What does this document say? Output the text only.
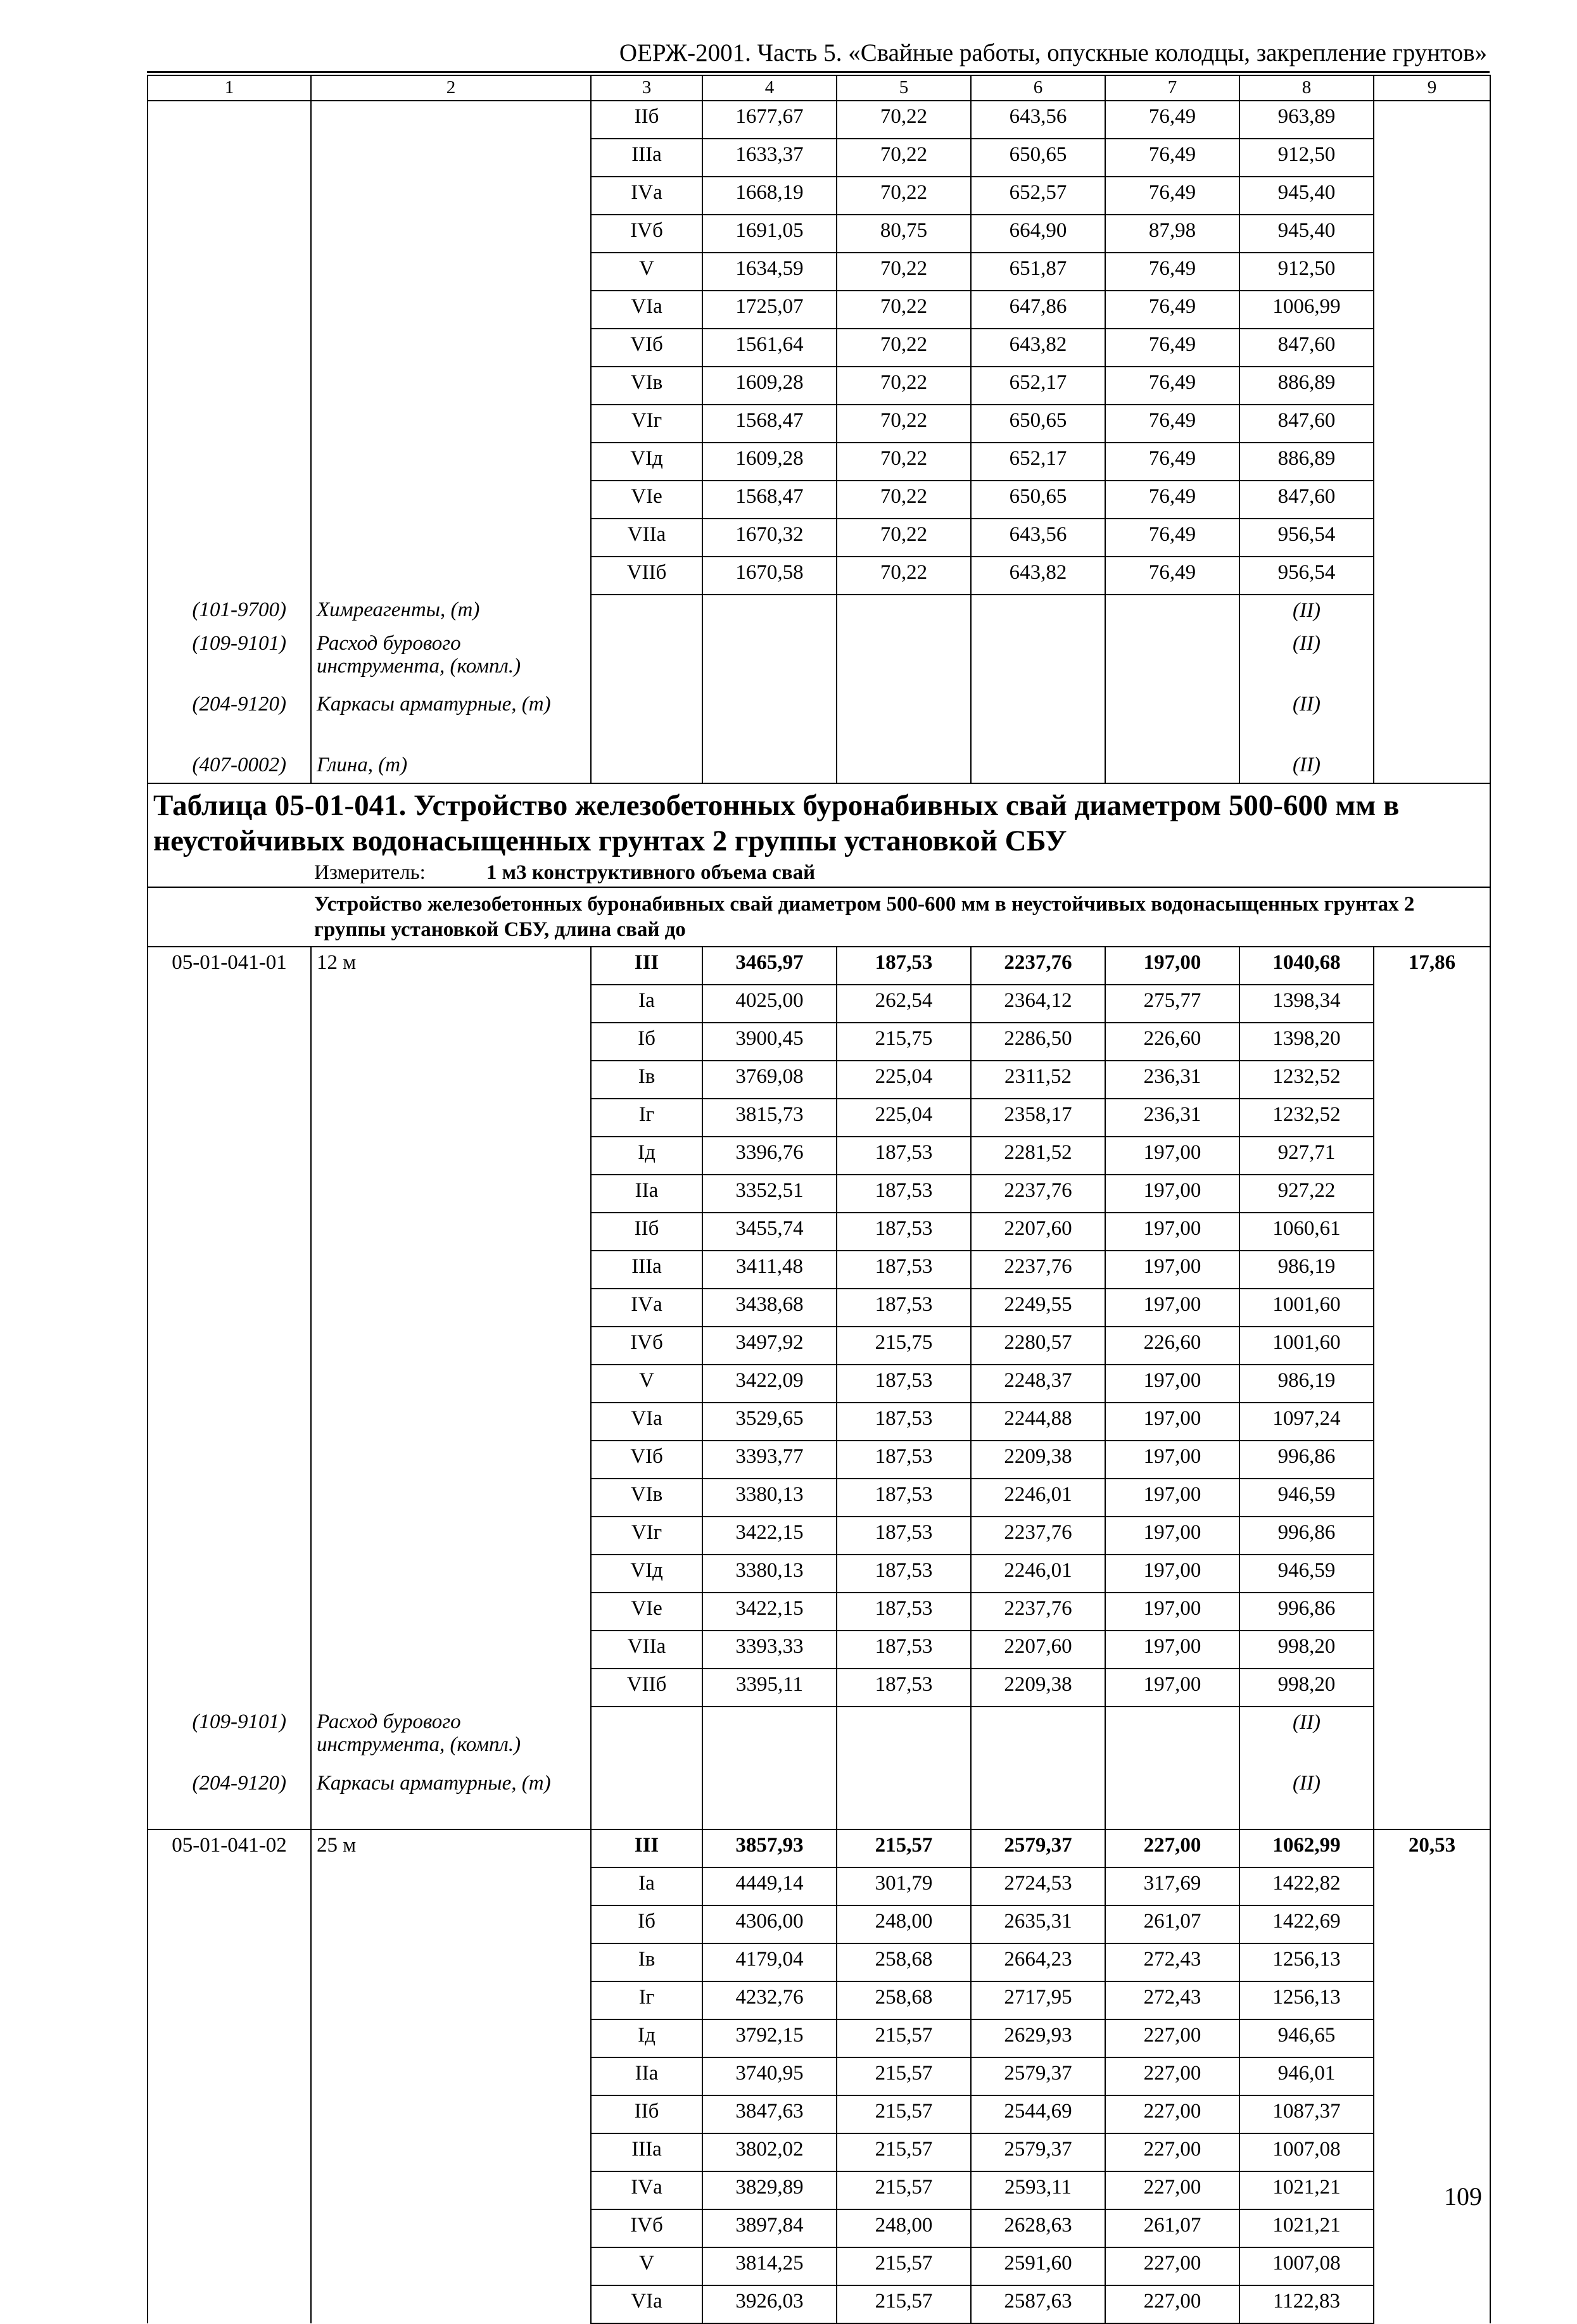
ОЕРЖ-2001. Часть 5. «Свайные работы, опускные колодцы, закрепление грунтов»
1	2	3	4	5	6	7	8	9
		IIб	1677,67	70,22	643,56	76,49	963,89	
		IIIа	1633,37	70,22	650,65	76,49	912,50	
		IVа	1668,19	70,22	652,57	76,49	945,40	
		IVб	1691,05	80,75	664,90	87,98	945,40	
		V	1634,59	70,22	651,87	76,49	912,50	
		VIа	1725,07	70,22	647,86	76,49	1006,99	
		VIб	1561,64	70,22	643,82	76,49	847,60	
		VIв	1609,28	70,22	652,17	76,49	886,89	
		VIг	1568,47	70,22	650,65	76,49	847,60	
		VIд	1609,28	70,22	652,17	76,49	886,89	
		VIе	1568,47	70,22	650,65	76,49	847,60	
		VIIа	1670,32	70,22	643,56	76,49	956,54	
		VIIб	1670,58	70,22	643,82	76,49	956,54	
(101-9700)	Химреагенты, (т)						(II)	
(109-9101)	Расход бурового инструмента, (компл.)						(II)	
(204-9120)	Каркасы арматурные, (т)						(II)	
(407-0002)	Глина, (т)						(II)	
Таблица 05-01-041. Устройство железобетонных буронабивных свай диаметром 500-600 мм в неустойчивых водонасыщенных грунтах 2 группы установкой СБУ								
Измеритель: 1 м3 конструктивного объема свай								
Устройство железобетонных буронабивных свай диаметром 500-600 мм в неустойчивых водонасыщенных грунтах 2 группы установкой СБУ, длина свай до								
05-01-041-01	12 м	III	3465,97	187,53	2237,76	197,00	1040,68	17,86
		Iа	4025,00	262,54	2364,12	275,77	1398,34	
		Iб	3900,45	215,75	2286,50	226,60	1398,20	
		Iв	3769,08	225,04	2311,52	236,31	1232,52	
		Iг	3815,73	225,04	2358,17	236,31	1232,52	
		Iд	3396,76	187,53	2281,52	197,00	927,71	
		IIа	3352,51	187,53	2237,76	197,00	927,22	
		IIб	3455,74	187,53	2207,60	197,00	1060,61	
		IIIа	3411,48	187,53	2237,76	197,00	986,19	
		IVа	3438,68	187,53	2249,55	197,00	1001,60	
		IVб	3497,92	215,75	2280,57	226,60	1001,60	
		V	3422,09	187,53	2248,37	197,00	986,19	
		VIа	3529,65	187,53	2244,88	197,00	1097,24	
		VIб	3393,77	187,53	2209,38	197,00	996,86	
		VIв	3380,13	187,53	2246,01	197,00	946,59	
		VIг	3422,15	187,53	2237,76	197,00	996,86	
		VIд	3380,13	187,53	2246,01	197,00	946,59	
		VIе	3422,15	187,53	2237,76	197,00	996,86	
		VIIа	3393,33	187,53	2207,60	197,00	998,20	
		VIIб	3395,11	187,53	2209,38	197,00	998,20	
(109-9101)	Расход бурового инструмента, (компл.)						(II)	
(204-9120)	Каркасы арматурные, (т)						(II)	
05-01-041-02	25 м	III	3857,93	215,57	2579,37	227,00	1062,99	20,53
		Iа	4449,14	301,79	2724,53	317,69	1422,82	
		Iб	4306,00	248,00	2635,31	261,07	1422,69	
		Iв	4179,04	258,68	2664,23	272,43	1256,13	
		Iг	4232,76	258,68	2717,95	272,43	1256,13	
		Iд	3792,15	215,57	2629,93	227,00	946,65	
		IIа	3740,95	215,57	2579,37	227,00	946,01	
		IIб	3847,63	215,57	2544,69	227,00	1087,37	
		IIIа	3802,02	215,57	2579,37	227,00	1007,08	
		IVа	3829,89	215,57	2593,11	227,00	1021,21	
		IVб	3897,84	248,00	2628,63	261,07	1021,21	
		V	3814,25	215,57	2591,60	227,00	1007,08	
		VIа	3926,03	215,57	2587,63	227,00	1122,83	
109
